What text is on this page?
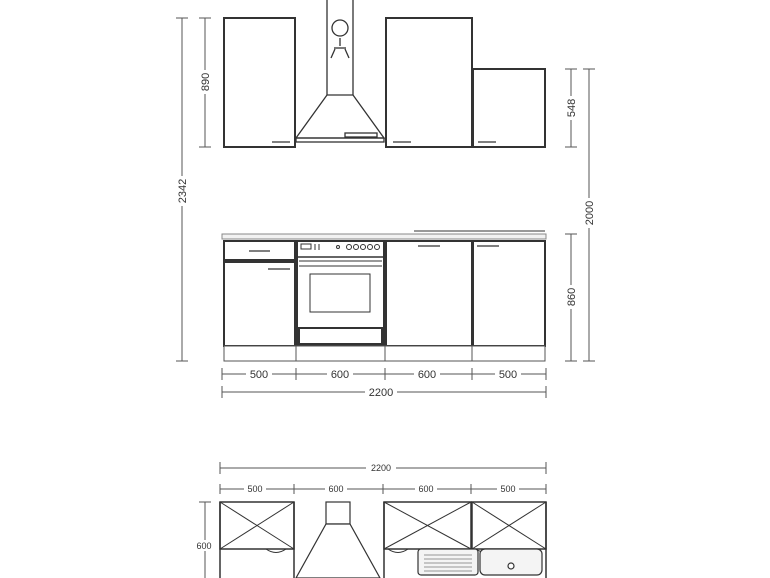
890
2342
548
2000
860
500	600	600	500
2200
2200
500	600	600	500
600
